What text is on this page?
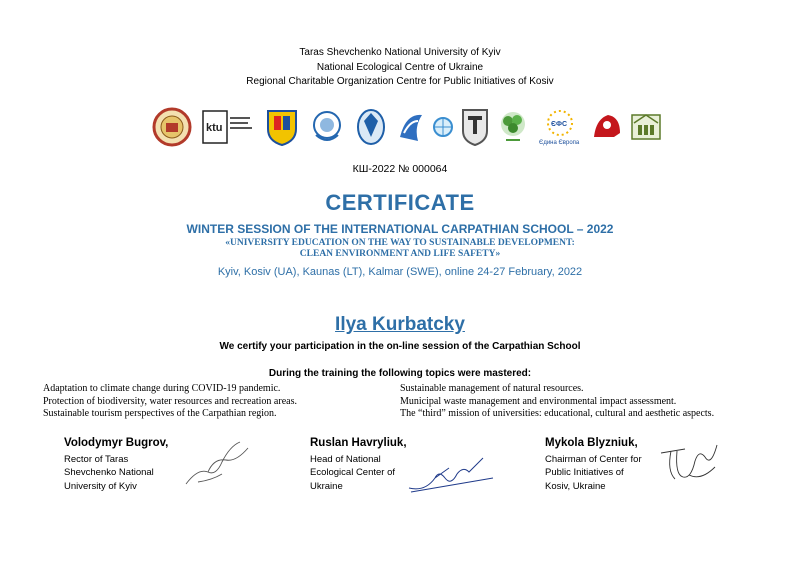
Taras Shevchenko National University of Kyiv
National Ecological Centre of Ukraine
Regional Charitable Organization Centre for Public Initiatives of Kosiv
ktu	ЄФС
Єдина Європа
КШ-2022 № 000064
CERTIFICATE
WINTER SESSION OF THE INTERNATIONAL CARPATHIAN SCHOOL – 2022
«UNIVERSITY EDUCATION ON THE WAY TO SUSTAINABLE DEVELOPMENT:
CLEAN ENVIRONMENT AND LIFE SAFETY»
Kyiv, Kosiv (UA), Kaunas (LT), Kalmar (SWE), online 24-27 February, 2022
Ilya Kurbatcky
We certify your participation in the on-line session of the Carpathian School
During the training the following topics were mastered:
Adaptation to climate change during COVID-19 pandemic.
Protection of biodiversity, water resources and recreation areas.
Sustainable tourism perspectives of the Carpathian region.
Sustainable management of natural resources.
Municipal waste management and environmental impact assessment.
The “third” mission of universities: educational, cultural and aesthetic aspects.
Volodymyr Bugrov,
Rector of Taras
Shevchenko National
University of Kyiv
Ruslan Havryliuk,
Head of National
Ecological Center of
Ukraine
Mykola Blyzniuk,
Chairman of Center for
Public Initiatives of
Kosiv, Ukraine
